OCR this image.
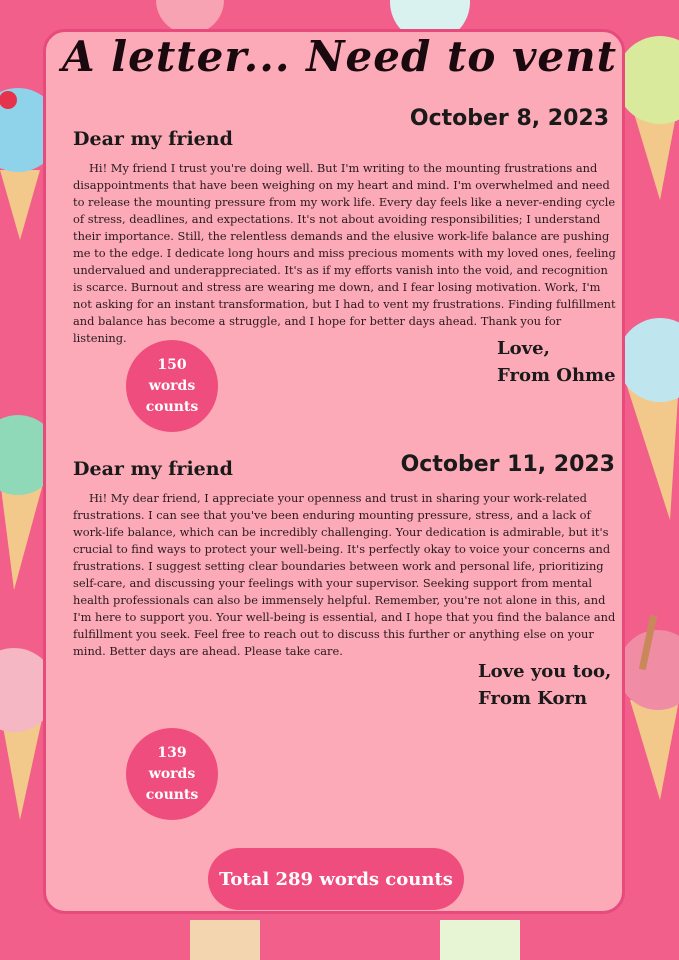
A letter... Need to vent

October 8, 2023

Dear my friend

Hi! My friend I trust you're doing well. But I'm writing to the mounting frustrations and disappointments that have been weighing on my heart and mind. I'm overwhelmed and need to release the mounting pressure from my work life. Every day feels like a never-ending cycle of stress, deadlines, and expectations. It's not about avoiding responsibilities; I understand their importance. Still, the relentless demands and the elusive work-life balance are pushing me to the edge. I dedicate long hours and miss precious moments with my loved ones, feeling undervalued and underappreciated. It's as if my efforts vanish into the void, and recognition is scarce. Burnout and stress are wearing me down, and I fear losing motivation. Work, I'm not asking for an instant transformation, but I had to vent my frustrations. Finding fulfillment and balance has become a struggle, and I hope for better days ahead. Thank you for listening.	Love,
From Ohme
150
words
counts

October 11, 2023

Dear my friend

Hi! My dear friend, I appreciate your openness and trust in sharing your work-related frustrations. I can see that you've been enduring mounting pressure, stress, and a lack of work-life balance, which can be incredibly challenging. Your dedication is admirable, but it's crucial to find ways to protect your well-being. It's perfectly okay to voice your concerns and frustrations. I suggest setting clear boundaries between work and personal life, prioritizing self-care, and discussing your feelings with your supervisor. Seeking support from mental health professionals can also be immensely helpful. Remember, you're not alone in this, and I'm here to support you. Your well-being is essential, and I hope that you find the balance and fulfillment you seek. Feel free to reach out to discuss this further or anything else on your mind. Better days are ahead. Please take care.

Love you too,
From Korn
139
words
counts
Total 289 words counts
